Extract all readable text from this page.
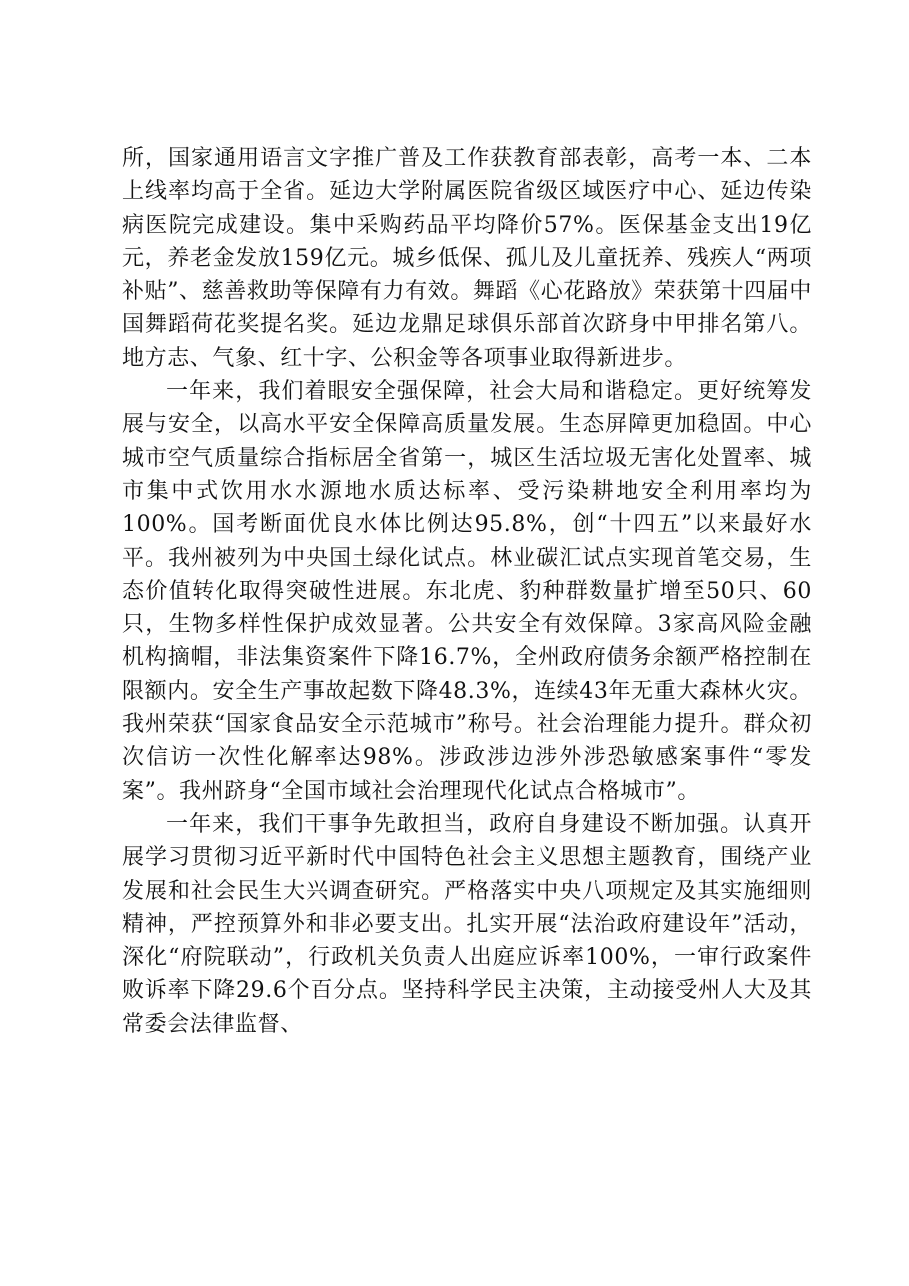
所，国家通用语言文字推广普及工作获教育部表彰，高考一本、二本上线率均高于全省。延边大学附属医院省级区域医疗中心、延边传染病医院完成建设。集中采购药品平均降价57%。医保基金支出19亿元，养老金发放159亿元。城乡低保、孤儿及儿童抚养、残疾人“两项补贴”、慈善救助等保障有力有效。舞蹈《心花路放》荣获第十四届中国舞蹈荷花奖提名奖。延边龙鼎足球俱乐部首次跻身中甲排名第八。地方志、气象、红十字、公积金等各项事业取得新进步。

一年来，我们着眼安全强保障，社会大局和谐稳定。更好统筹发展与安全，以高水平安全保障高质量发展。生态屏障更加稳固。中心城市空气质量综合指标居全省第一，城区生活垃圾无害化处置率、城市集中式饮用水水源地水质达标率、受污染耕地安全利用率均为100%。国考断面优良水体比例达95.8%，创“十四五”以来最好水平。我州被列为中央国土绿化试点。林业碳汇试点实现首笔交易，生态价值转化取得突破性进展。东北虎、豹种群数量扩增至50只、60只，生物多样性保护成效显著。公共安全有效保障。3家高风险金融机构摘帽，非法集资案件下降16.7%，全州政府债务余额严格控制在限额内。安全生产事故起数下降48.3%，连续43年无重大森林火灾。我州荣获“国家食品安全示范城市”称号。社会治理能力提升。群众初次信访一次性化解率达98%。涉政涉边涉外涉恐敏感案事件“零发案”。我州跻身“全国市域社会治理现代化试点合格城市”。

一年来，我们干事争先敢担当，政府自身建设不断加强。认真开展学习贯彻习近平新时代中国特色社会主义思想主题教育，围绕产业发展和社会民生大兴调查研究。严格落实中央八项规定及其实施细则精神，严控预算外和非必要支出。扎实开展“法治政府建设年”活动，深化“府院联动”，行政机关负责人出庭应诉率100%，一审行政案件败诉率下降29.6个百分点。坚持科学民主决策，主动接受州人大及其常委会法律监督、
